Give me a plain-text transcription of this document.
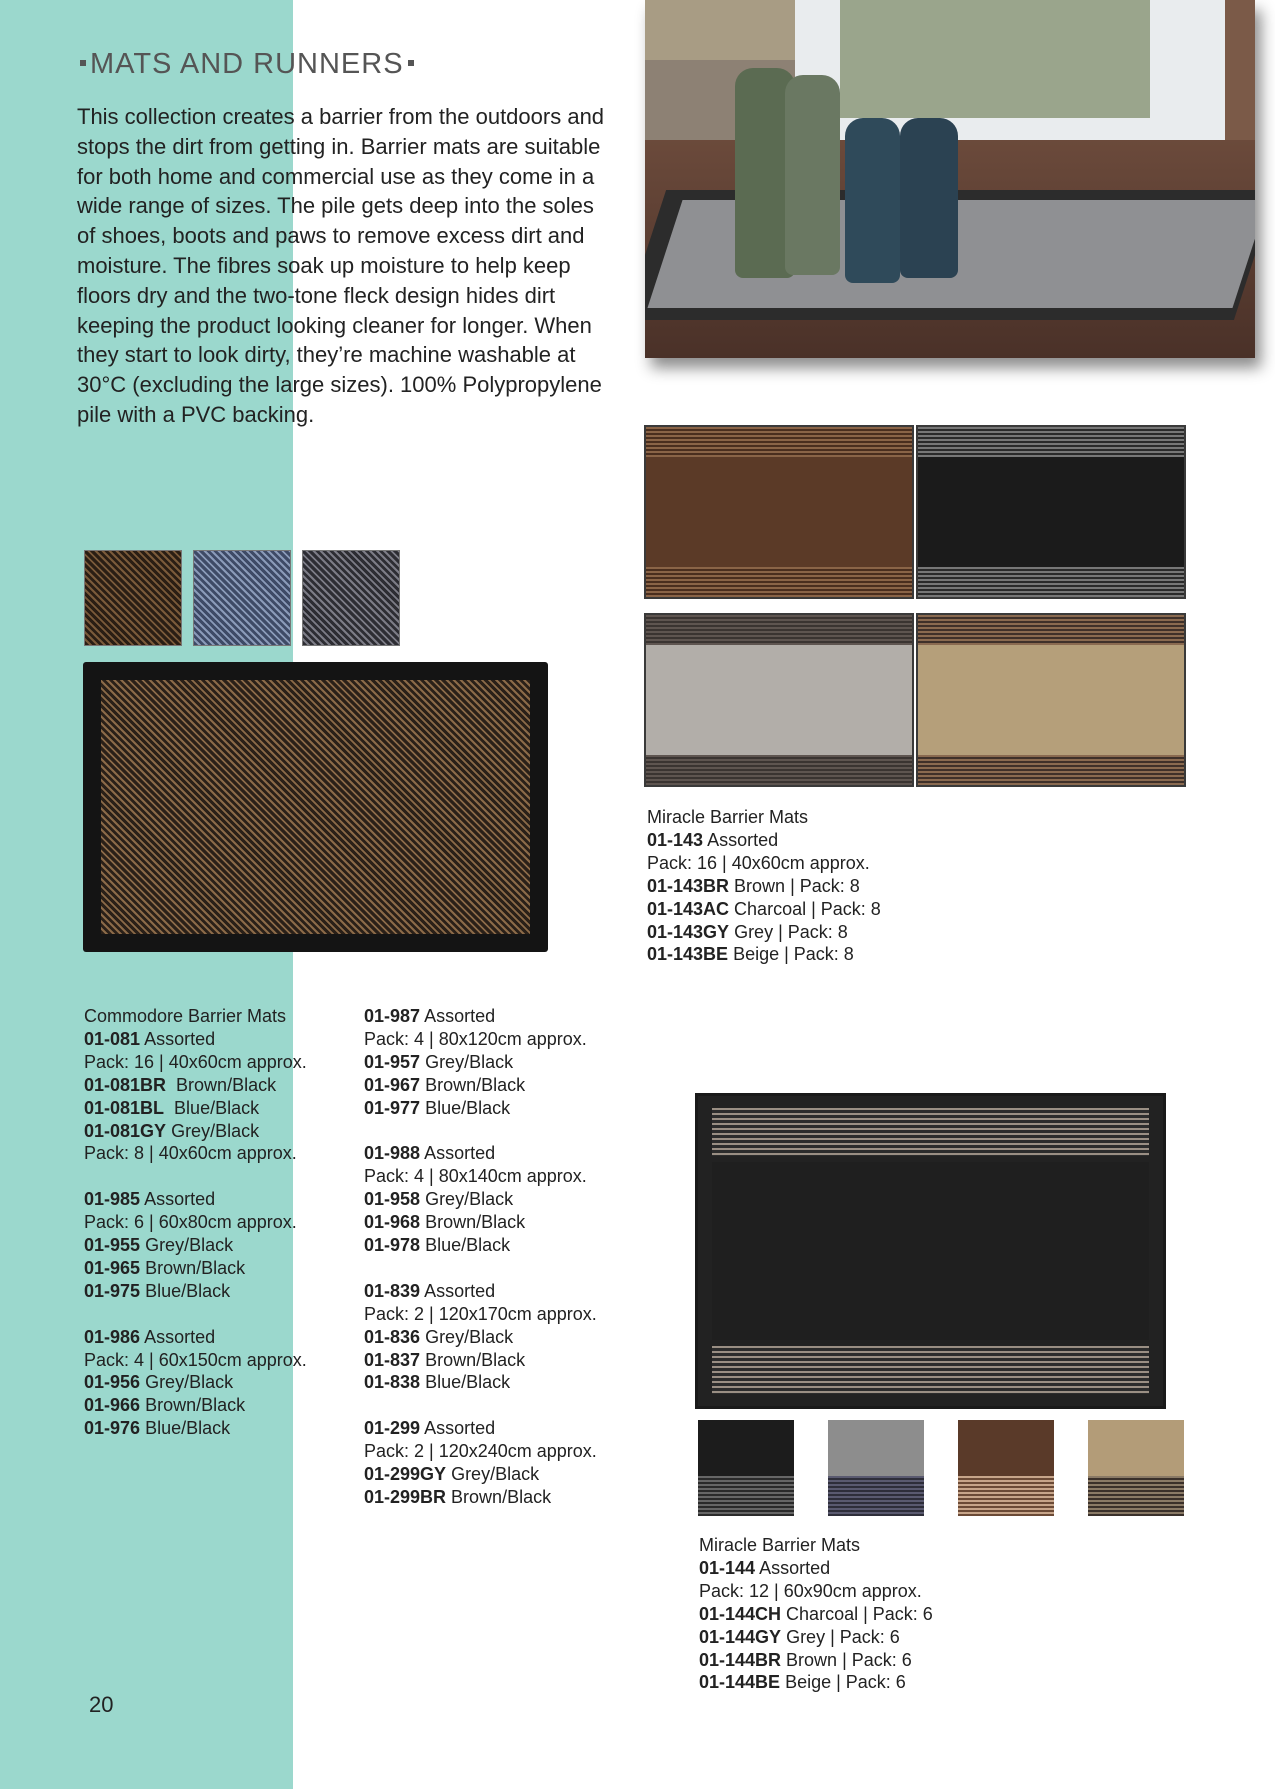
MATS AND RUNNERS

This collection creates a barrier from the outdoors and stops the dirt from getting in. Barrier mats are suitable for both home and commercial use as they come in a wide range of sizes. The pile gets deep into the soles of shoes, boots and paws to remove excess dirt and moisture. The fibres soak up moisture to help keep floors dry and the two-tone fleck design hides dirt keeping the product looking cleaner for longer. When they start to look dirty, they’re machine washable at 30°C (excluding the large sizes). 100% Polypropylene pile with a PVC backing.

Commodore Barrier Mats
01-081 Assorted
Pack: 16 | 40x60cm approx.
01-081BR  Brown/Black
01-081BL  Blue/Black
01-081GY Grey/Black
Pack: 8 | 40x60cm approx.
01-985 Assorted
Pack: 6 | 60x80cm approx.
01-955 Grey/Black
01-965 Brown/Black
01-975 Blue/Black
01-986 Assorted
Pack: 4 | 60x150cm approx.
01-956 Grey/Black
01-966 Brown/Black
01-976 Blue/Black
01-987 Assorted
Pack: 4 | 80x120cm approx.
01-957 Grey/Black
01-967 Brown/Black
01-977 Blue/Black
01-988 Assorted
Pack: 4 | 80x140cm approx.
01-958 Grey/Black
01-968 Brown/Black
01-978 Blue/Black
01-839 Assorted
Pack: 2 | 120x170cm approx.
01-836 Grey/Black
01-837 Brown/Black
01-838 Blue/Black
01-299 Assorted
Pack: 2 | 120x240cm approx.
01-299GY Grey/Black
01-299BR Brown/Black
Miracle Barrier Mats
01-143 Assorted
Pack: 16 | 40x60cm approx.
01-143BR Brown | Pack: 8
01-143AC Charcoal | Pack: 8
01-143GY Grey | Pack: 8
01-143BE Beige | Pack: 8
Miracle Barrier Mats
01-144 Assorted
Pack: 12 | 60x90cm approx.
01-144CH Charcoal | Pack: 6
01-144GY Grey | Pack: 6
01-144BR Brown | Pack: 6
01-144BE Beige | Pack: 6
20
